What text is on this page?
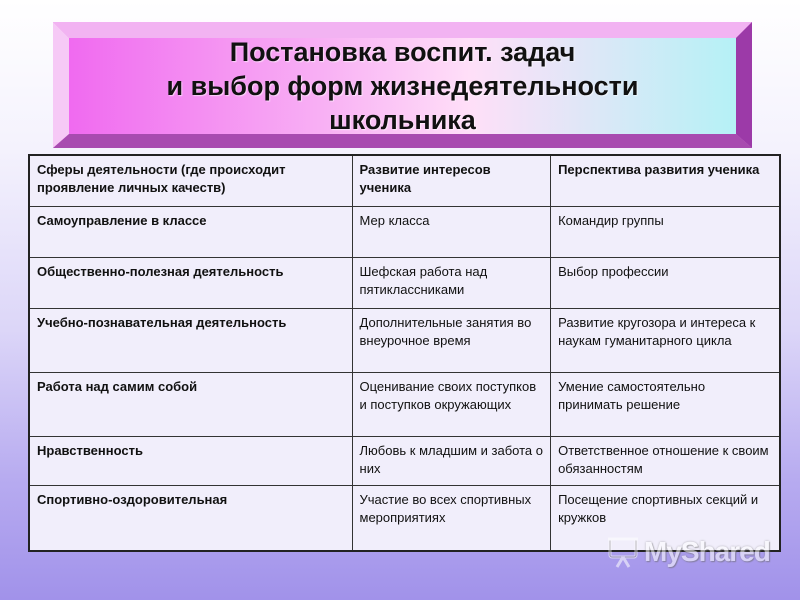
Постановка воспит. задач
и выбор форм жизнедеятельности
школьника
Сферы деятельности (где происходит проявление личных качеств)	Развитие интересов ученика	Перспектива развития ученика
Самоуправление в классе	Мер класса	Командир группы
Общественно-полезная деятельность	Шефская работа над пятиклассниками	Выбор профессии
Учебно-познавательная деятельность	Дополнительные занятия во внеурочное время	Развитие кругозора и интереса к наукам гуманитарного цикла
Работа над самим собой	Оценивание своих поступков и поступков окружающих	Умение самостоятельно принимать решение
Нравственность	Любовь к младшим и забота о них	Ответственное отношение к своим обязанностям
Спортивно-оздоровительная	Участие во всех спортивных мероприятиях	Посещение спортивных секций и кружков
MyShared
